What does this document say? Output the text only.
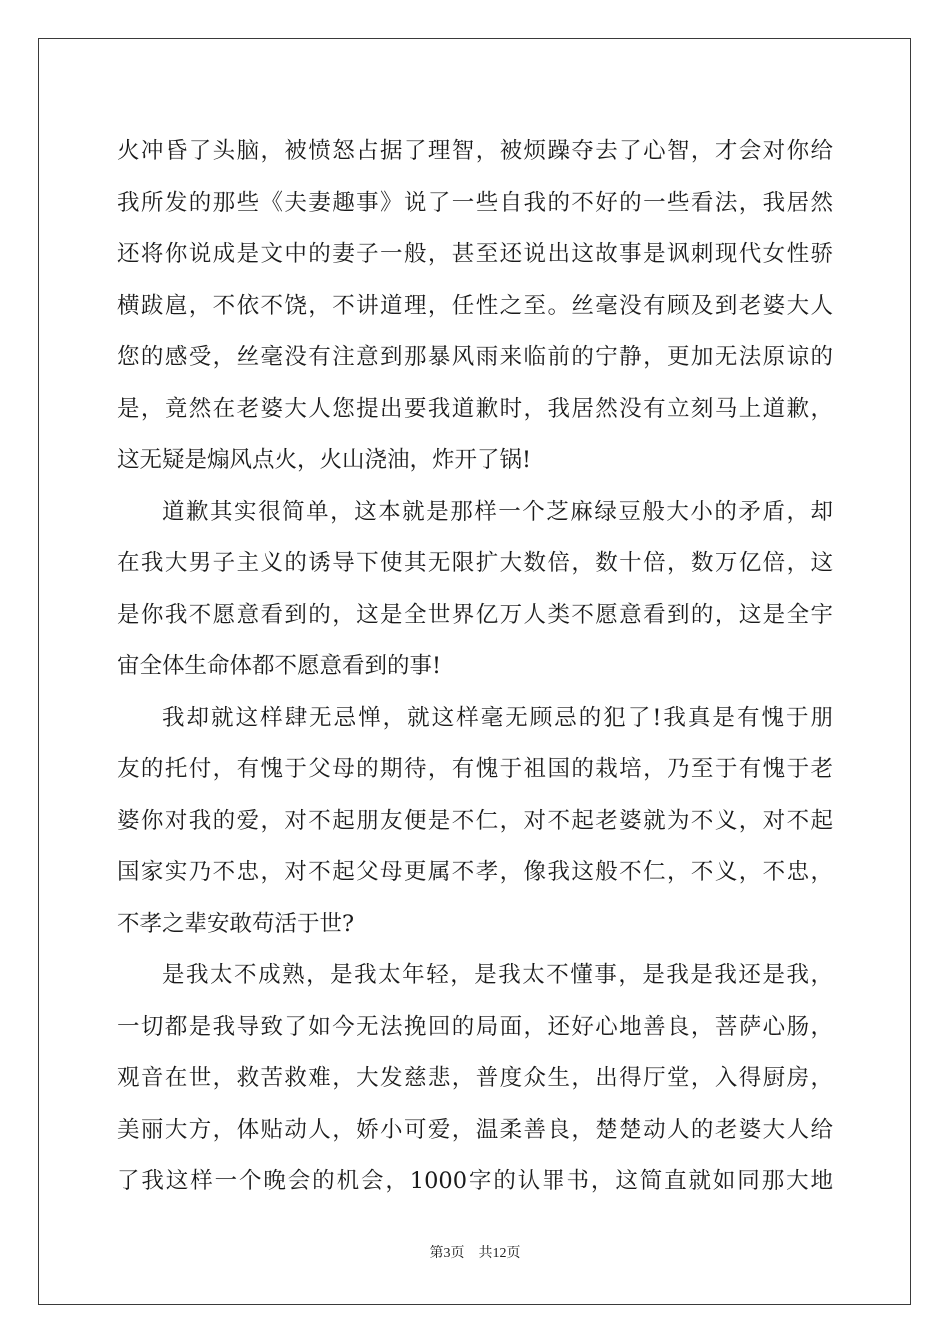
火冲昏了头脑，被愤怒占据了理智，被烦躁夺去了心智，才会对你给
我所发的那些《夫妻趣事》说了一些自我的不好的一些看法，我居然
还将你说成是文中的妻子一般，甚至还说出这故事是讽刺现代女性骄
横跋扈，不依不饶，不讲道理，任性之至。丝毫没有顾及到老婆大人
您的感受，丝毫没有注意到那暴风雨来临前的宁静，更加无法原谅的
是，竟然在老婆大人您提出要我道歉时，我居然没有立刻马上道歉，
这无疑是煽风点火，火山浇油，炸开了锅!
道歉其实很简单，这本就是那样一个芝麻绿豆般大小的矛盾，却
在我大男子主义的诱导下使其无限扩大数倍，数十倍，数万亿倍，这
是你我不愿意看到的，这是全世界亿万人类不愿意看到的，这是全宇
宙全体生命体都不愿意看到的事!
我却就这样肆无忌惮，就这样毫无顾忌的犯了!我真是有愧于朋
友的托付，有愧于父母的期待，有愧于祖国的栽培，乃至于有愧于老
婆你对我的爱，对不起朋友便是不仁，对不起老婆就为不义，对不起
国家实乃不忠，对不起父母更属不孝，像我这般不仁，不义，不忠，
不孝之辈安敢苟活于世?
是我太不成熟，是我太年轻，是我太不懂事，是我是我还是我，
一切都是我导致了如今无法挽回的局面，还好心地善良，菩萨心肠，
观音在世，救苦救难，大发慈悲，普度众生，出得厅堂，入得厨房，
美丽大方，体贴动人，娇小可爱，温柔善良，楚楚动人的老婆大人给
了我这样一个晚会的机会，1000字的认罪书，这简直就如同那大地
第3页 共12页
